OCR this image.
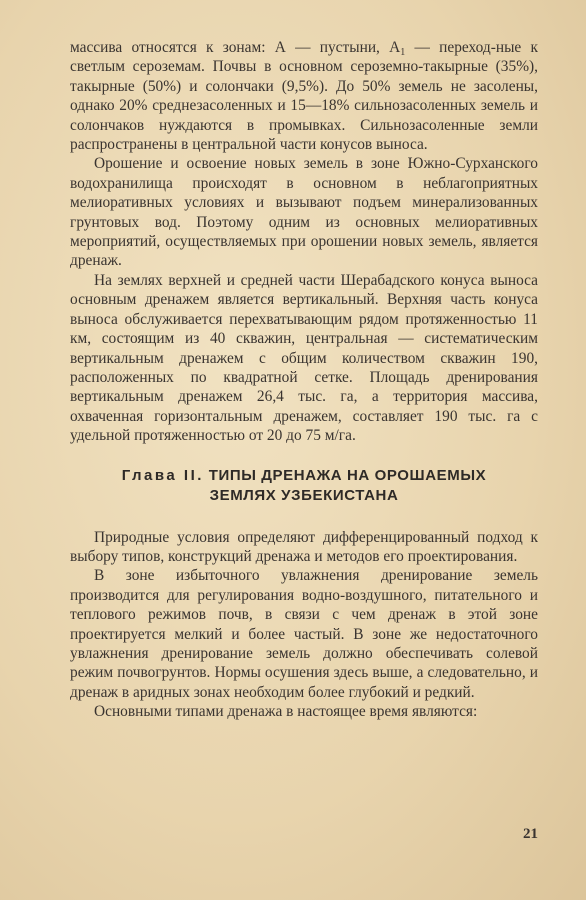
массива относятся к зонам: А — пустыни, $А_1$ — переход-ные к светлым сероземам. Почвы в основном сероземно-такырные (35%), такырные (50%) и солончаки (9,5%). До 50% земель не засолены, однако 20% среднезасоленных и 15—18% сильнозасоленных земель и солончаков нуждаются в промывках. Сильнозасоленные земли распространены в центральной части конусов выноса.

Орошение и освоение новых земель в зоне Южно-Сурханского водохранилища происходят в основном в неблагоприятных мелиоративных условиях и вызывают подъем минерализованных грунтовых вод. Поэтому одним из основных мелиоративных мероприятий, осуществляемых при орошении новых земель, является дренаж.

На землях верхней и средней части Шерабадского конуса выноса основным дренажем является вертикальный. Верхняя часть конуса выноса обслуживается перехватывающим рядом протяженностью 11 км, состоящим из 40 скважин, центральная — систематическим вертикальным дренажем с общим количеством скважин 190, расположенных по квадратной сетке. Площадь дренирования вертикальным дренажем 26,4 тыс. га, а территория массива, охваченная горизонтальным дренажем, составляет 190 тыс. га с удельной протяженностью от 20 до 75 м/га.

Глава II. ТИПЫ ДРЕНАЖА НА ОРОШАЕМЫХ
ЗЕМЛЯХ УЗБЕКИСТАНА

Природные условия определяют дифференцированный подход к выбору типов, конструкций дренажа и методов его проектирования.

В зоне избыточного увлажнения дренирование земель производится для регулирования водно-воздушного, питательного и теплового режимов почв, в связи с чем дренаж в этой зоне проектируется мелкий и более частый. В зоне же недостаточного увлажнения дренирование земель должно обеспечивать солевой режим почвогрунтов. Нормы осушения здесь выше, а следовательно, и дренаж в аридных зонах необходим более глубокий и редкий.

Основными типами дренажа в настоящее время являются:

21
